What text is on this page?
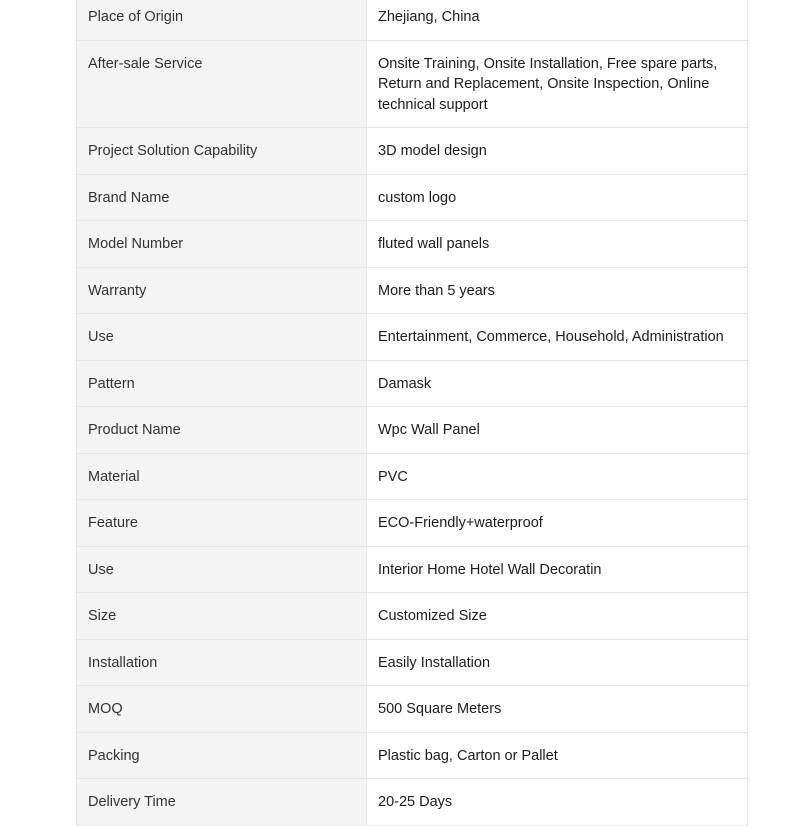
Place of Origin	Zhejiang, China
After-sale Service	Onsite Training, Onsite Installation, Free spare parts, Return and Replacement, Onsite Inspection, Online technical support
Project Solution Capability	3D model design
Brand Name	custom logo
Model Number	fluted wall panels
Warranty	More than 5 years
Use	Entertainment, Commerce, Household, Administration
Pattern	Damask
Product Name	Wpc Wall Panel
Material	PVC
Feature	ECO-Friendly+waterproof
Use	Interior Home Hotel Wall Decoratin
Size	Customized Size
Installation	Easily Installation
MOQ	500 Square Meters
Packing	Plastic bag, Carton or Pallet
Delivery Time	20-25 Days
